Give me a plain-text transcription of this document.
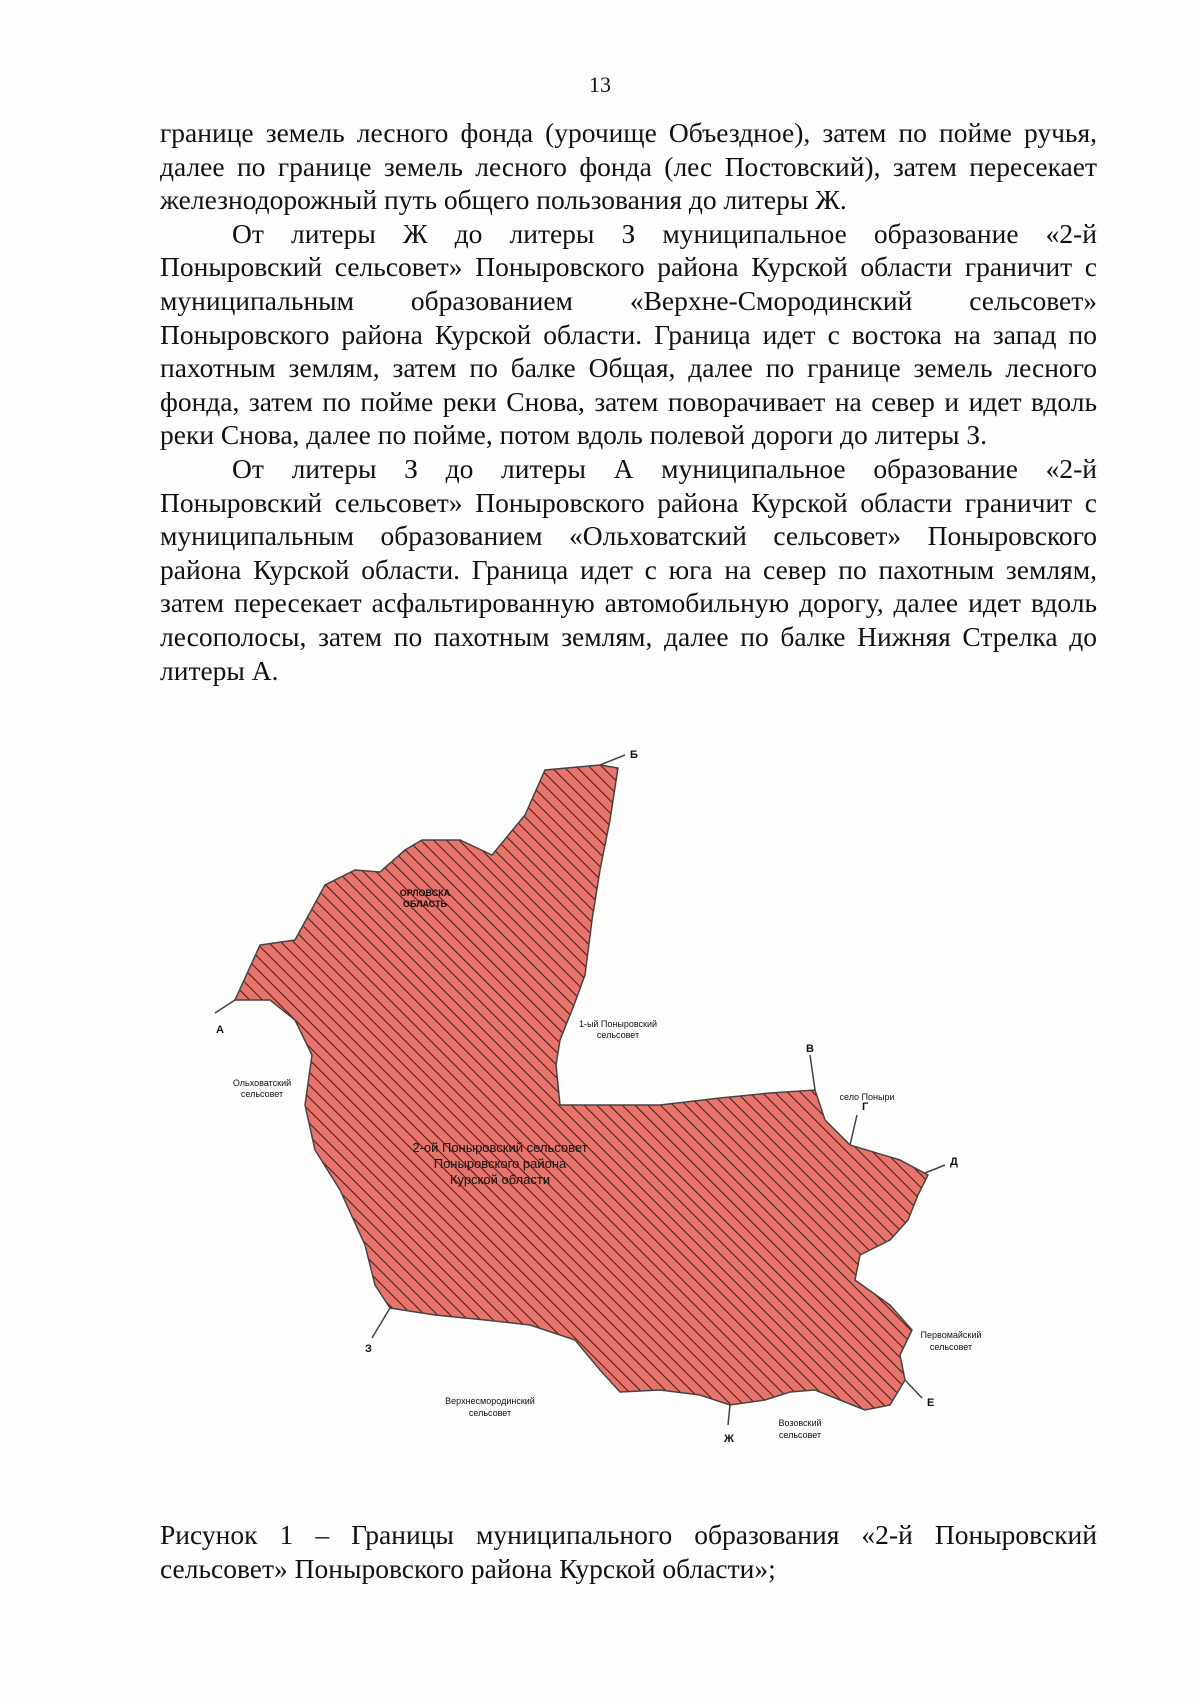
13

границе земель лесного фонда (урочище Объездное), затем по пойме ручья, далее по границе земель лесного фонда (лес Постовский), затем пересекает железнодорожный путь общего пользования до литеры Ж.

От литеры Ж до литеры З муниципальное образование «2-й Поныровский сельсовет» Поныровского района Курской области граничит с муниципальным образованием «Верхне-Смородинский сельсовет» Поныровского района Курской области. Граница идет с востока на запад по пахотным землям, затем по балке Общая, далее по границе земель лесного фонда, затем по пойме реки Снова, затем поворачивает на север и идет вдоль реки Снова, далее по пойме, потом вдоль полевой дороги до литеры З.

От литеры З до литеры А муниципальное образование «2-й Поныровский сельсовет» Поныровского района Курской области граничит с муниципальным образованием «Ольховатский сельсовет» Поныровского района Курской области. Граница идет с юга на север по пахотным землям, затем пересекает асфальтированную автомобильную дорогу, далее идет вдоль лесополосы, затем по пахотным землям, далее по балке Нижняя Стрелка до литеры А.

Б
А
В
Г
Д
Е
Ж
З
2-ой Поныровский сельсовет
Поныровского района
Курской области
ОРЛОВСКА
ОБЛАСТЬ
1-ый Поныровский
сельсовет
Ольховатский
сельсовет	село Поныри
Первомайский
сельсовет
Верхнесмородинский
сельсовет
Возовский
сельсовет
Рисунок 1 – Границы муниципального образования «2-й Поныровский сельсовет» Поныровского района Курской области»;
